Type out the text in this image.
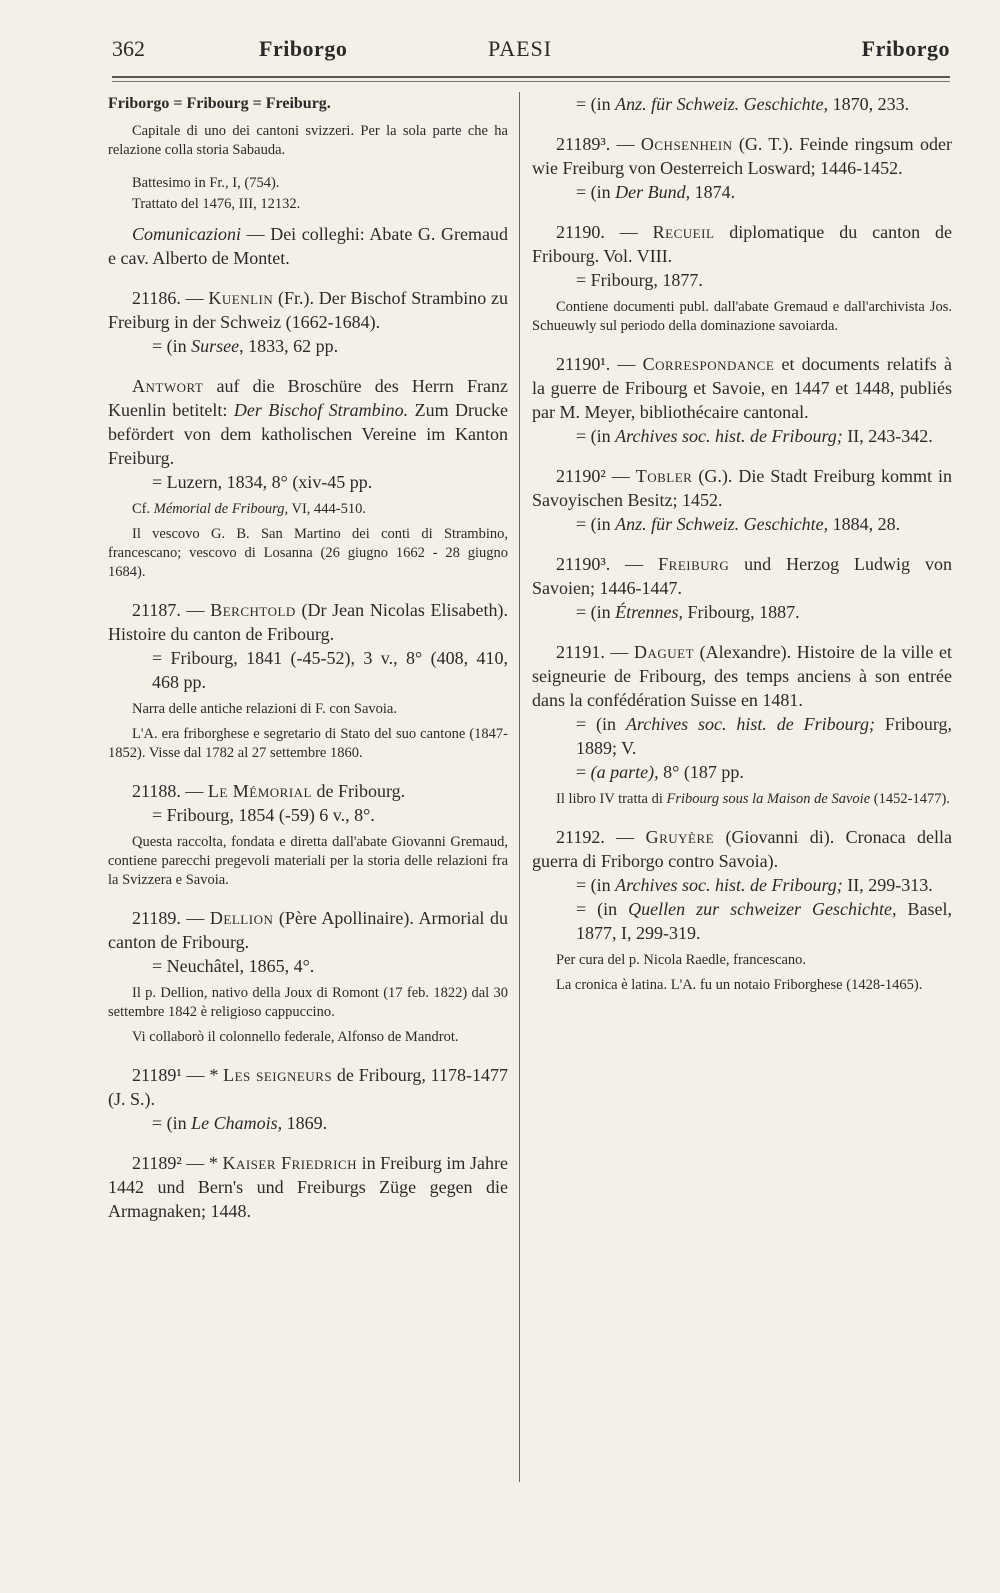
362	Friborgo	PAESI	Friborgo

Friborgo = Fribourg = Freiburg.

Capitale di uno dei cantoni svizzeri. Per la sola parte che ha relazione colla storia Sabauda.

Battesimo in Fr., I, (754).

Trattato del 1476, III, 12132.

Comunicazioni — Dei colleghi: Abate G. Gremaud e cav. Alberto de Montet.

21186. — Kuenlin (Fr.). Der Bischof Strambino zu Freiburg in der Schweiz (1662-1684).

= (in Sursee, 1833, 62 pp.

Antwort auf die Broschüre des Herrn Franz Kuenlin betitelt: Der Bischof Strambino. Zum Drucke befördert von dem katholischen Vereine im Kanton Freiburg.

= Luzern, 1834, 8° (xiv-45 pp.

Cf. Mémorial de Fribourg, VI, 444-510.

Il vescovo G. B. San Martino dei conti di Strambino, francescano; vescovo di Losanna (26 giugno 1662 - 28 giugno 1684).

21187. — Berchtold (Dr Jean Nicolas Elisabeth). Histoire du canton de Fribourg.

= Fribourg, 1841 (-45-52), 3 v., 8° (408, 410, 468 pp.

Narra delle antiche relazioni di F. con Savoia.

L'A. era friborghese e segretario di Stato del suo cantone (1847-1852). Visse dal 1782 al 27 settembre 1860.

21188. — Le Mémorial de Fribourg.

= Fribourg, 1854 (-59) 6 v., 8°.

Questa raccolta, fondata e diretta dall'abate Giovanni Gremaud, contiene parecchi pregevoli materiali per la storia delle relazioni fra la Svizzera e Savoia.

21189. — Dellion (Père Apollinaire). Armorial du canton de Fribourg.

= Neuchâtel, 1865, 4°.

Il p. Dellion, nativo della Joux di Romont (17 feb. 1822) dal 30 settembre 1842 è religioso cappuccino.

Vi collaborò il colonnello federale, Alfonso de Mandrot.

21189¹ — * Les seigneurs de Fribourg, 1178-1477 (J. S.).

= (in Le Chamois, 1869.

21189² — * Kaiser Friedrich in Freiburg im Jahre 1442 und Bern's und Freiburgs Züge gegen die Armagnaken; 1448.

= (in Anz. für Schweiz. Geschichte, 1870, 233.

21189³. — Ochsenhein (G. T.). Feinde ringsum oder wie Freiburg von Oesterreich Losward; 1446-1452.

= (in Der Bund, 1874.

21190. — Recueil diplomatique du canton de Fribourg. Vol. VIII.

= Fribourg, 1877.

Contiene documenti publ. dall'abate Gremaud e dall'archivista Jos. Schueuwly sul periodo della dominazione savoiarda.

21190¹. — Correspondance et documents relatifs à la guerre de Fribourg et Savoie, en 1447 et 1448, publiés par M. Meyer, bibliothécaire cantonal.

= (in Archives soc. hist. de Fribourg; II, 243-342.

21190² — Tobler (G.). Die Stadt Freiburg kommt in Savoyischen Besitz; 1452.

= (in Anz. für Schweiz. Geschichte, 1884, 28.

21190³. — Freiburg und Herzog Ludwig von Savoien; 1446-1447.

= (in Étrennes, Fribourg, 1887.

21191. — Daguet (Alexandre). Histoire de la ville et seigneurie de Fribourg, des temps anciens à son entrée dans la confédération Suisse en 1481.

= (in Archives soc. hist. de Fribourg; Fribourg, 1889; V.

= (a parte), 8° (187 pp.

Il libro IV tratta di Fribourg sous la Maison de Savoie (1452-1477).

21192. — Gruyère (Giovanni di). Cronaca della guerra di Friborgo contro Savoia).

= (in Archives soc. hist. de Fribourg; II, 299-313.

= (in Quellen zur schweizer Geschichte, Basel, 1877, I, 299-319.

Per cura del p. Nicola Raedle, francescano.

La cronica è latina. L'A. fu un notaio Friborghese (1428-1465).
